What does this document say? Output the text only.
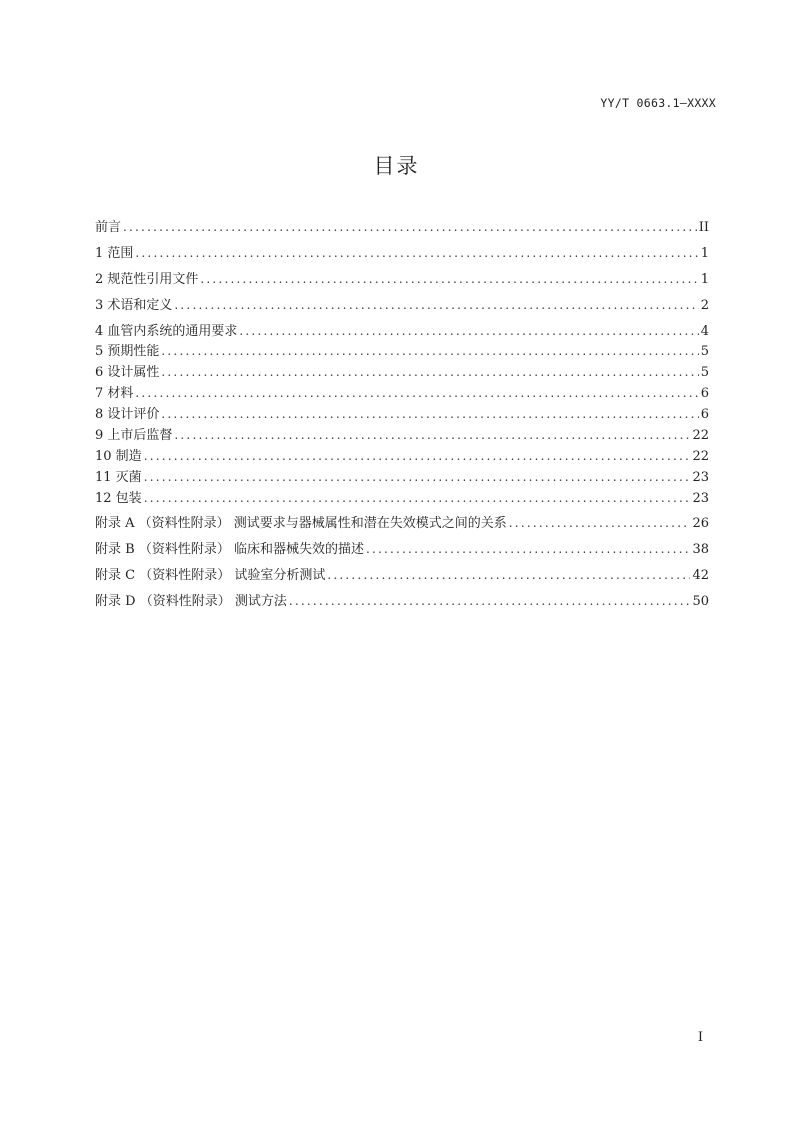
YY/T 0663.1—XXXX
目录
前言 .....	II
1 范围 .....	1
2 规范性引用文件 .....	1
3 术语和定义 .....	2
4 血管内系统的通用要求 .....	4
5 预期性能 .....	5
6 设计属性 .....	5
7 材料 .....	6
8 设计评价 .....	6
9 上市后监督 .....	22
10 制造 .....	22
11 灭菌 .....	23
12 包装 .....	23
附录 A （资料性附录） 测试要求与器械属性和潜在失效模式之间的关系 .....	26
附录 B （资料性附录） 临床和器械失效的描述 .....	38
附录 C （资料性附录） 试验室分析测试 .....	42
附录 D （资料性附录） 测试方法 .....	50
I
